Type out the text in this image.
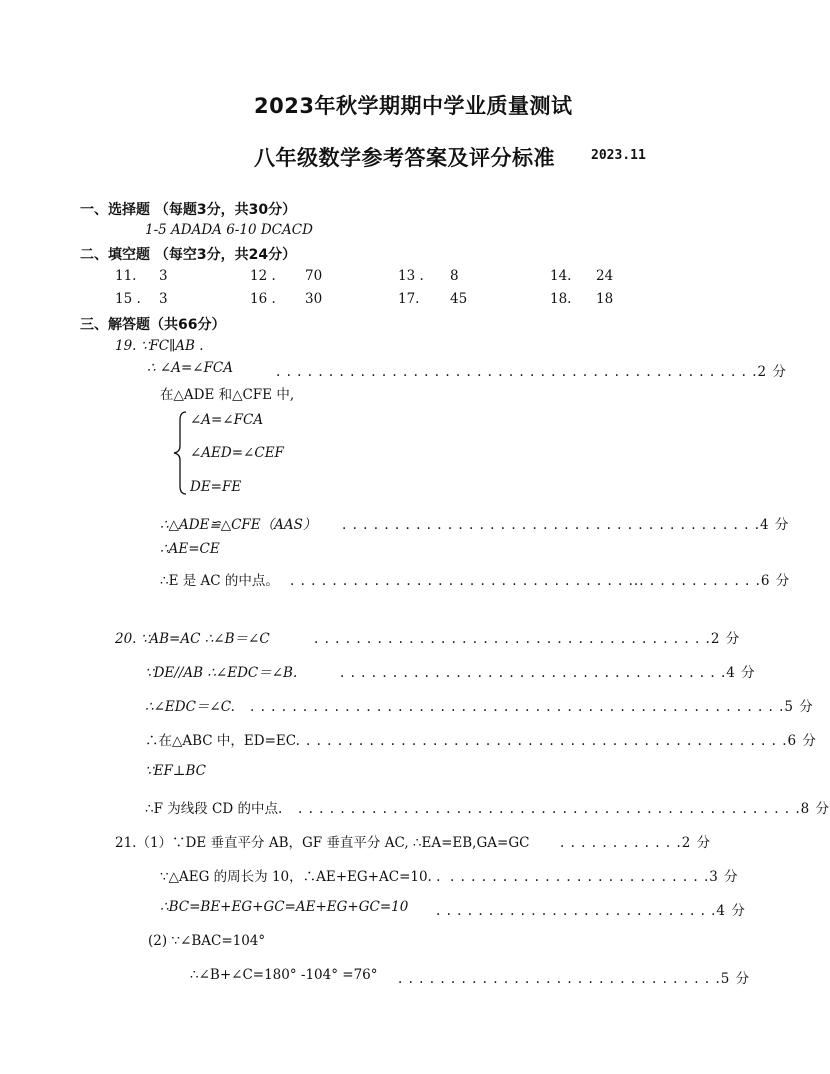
2023年秋学期期中学业质量测试
八年级数学参考答案及评分标准	2023.11
一、选择题 （每题3分，共30分）
1-5 ADADA 6-10 DCACD
二、填空题 （每空3分，共24分）
11. 3	12 . 70	13 . 8	14. 24
15 . 3	16 . 30	17. 45	18. 18
三、解答题（共66分）
19. ∵FC∥AB .
∴ ∠A=∠FCA	. . . . . . . . . . . . . . . . . . . . . . . . . . . . . . . . . . . . . . . . . . . . . .2 分
在△ADE 和△CFE 中,
∠A=∠FCA
∠AED=∠CEF
DE=FE
∴△ADE≌△CFE（AAS） . . . . . . . . . . . . . . . . . . . . . . . . . . . . . . . . . . . . . . . .4 分
∴AE=CE
∴E 是 AC 的中点。 . . . . . . . . . . . . . . . . . . . . . . . . . . . . . . . . ... . . . . . . . . . . .6 分
20. ∵AB=AC ∴∠B＝∠C	. . . . . . . . . . . . . . . . . . . . . . . . . . . . . . . . . . . . . .2 分
∵DE//AB ∴∠EDC＝∠B.	. . . . . . . . . . . . . . . . . . . . . . . . . . . . . . . . . . . . .4 分
∴∠EDC＝∠C. . . . . . . . . . . . . . . . . . . . . . . . . . . . . . . . . . . . . . . . . . . . . . . . . . . .5 分
∴在△ABC 中，ED=EC. . . . . . . . . . . . . . . . . . . . . . . . . . . . . . . . . . . . . . . . . . . . . . .6 分
∵EF⊥BC
∴F 为线段 CD 的中点. . . . . . . . . . . . . . . . . . . . . . . . . . . . . . . . . . . . . . . . . . . . . . . . .8 分
21.（1）∵DE 垂直平分 AB，GF 垂直平分 AC, ∴EA=EB,GA=GC . . . . . . . . . . . .2 分
∵△AEG 的周长为 10，∴AE+EG+AC=10. . . . . . . . . . . . . . . . . . . . . . . . . . .3 分
∴BC=BE+EG+GC=AE+EG+GC=10 . . . . . . . . . . . . . . . . . . . . . . . . . . .4 分
(2) ∵∠BAC=104°
∴∠B+∠C=180° -104° =76° . . . . . . . . . . . . . . . . . . . . . . . . . . . . . . .5 分
